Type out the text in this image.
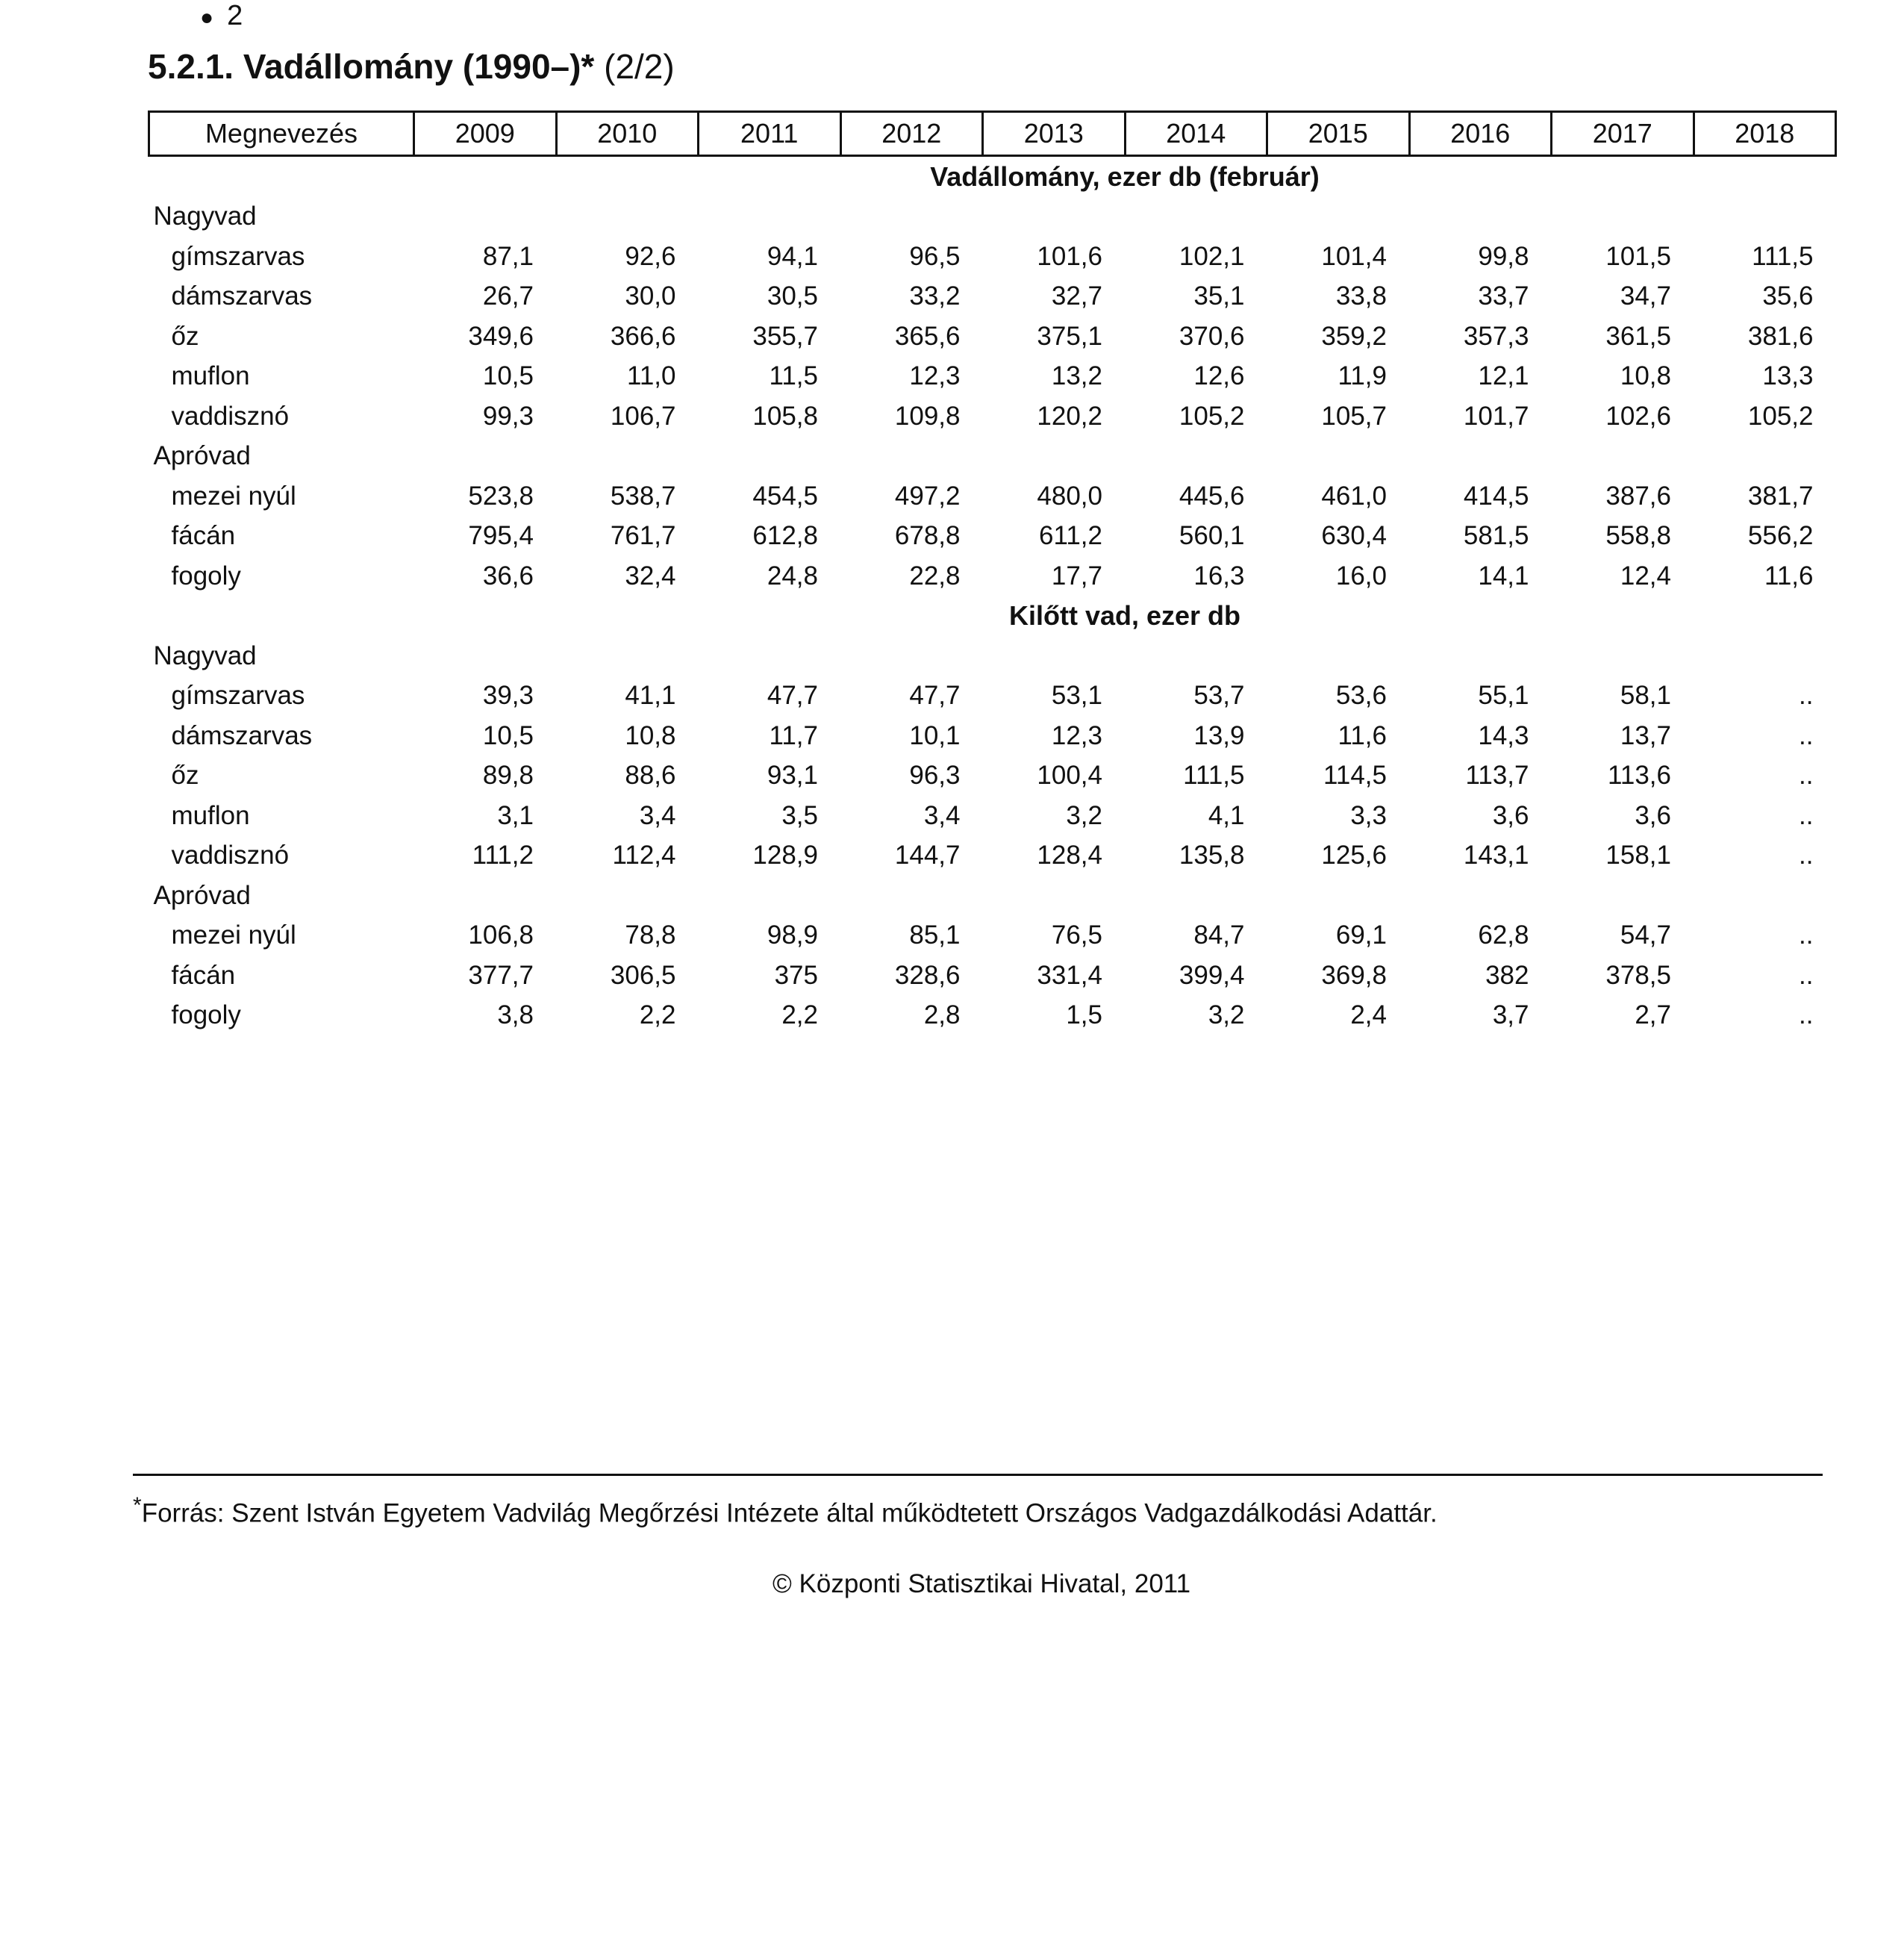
● 2
5.2.1. Vadállomány (1990–)* (2/2)
Megnevezés	2009	2010	2011	2012	2013	2014	2015	2016	2017	2018
	Vadállomány, ezer db (február)									
Nagyvad										
gímszarvas	87,1	92,6	94,1	96,5	101,6	102,1	101,4	99,8	101,5	111,5
dámszarvas	26,7	30,0	30,5	33,2	32,7	35,1	33,8	33,7	34,7	35,6
őz	349,6	366,6	355,7	365,6	375,1	370,6	359,2	357,3	361,5	381,6
muflon	10,5	11,0	11,5	12,3	13,2	12,6	11,9	12,1	10,8	13,3
vaddisznó	99,3	106,7	105,8	109,8	120,2	105,2	105,7	101,7	102,6	105,2
Apróvad										
mezei nyúl	523,8	538,7	454,5	497,2	480,0	445,6	461,0	414,5	387,6	381,7
fácán	795,4	761,7	612,8	678,8	611,2	560,1	630,4	581,5	558,8	556,2
fogoly	36,6	32,4	24,8	22,8	17,7	16,3	16,0	14,1	12,4	11,6
	Kilőtt vad, ezer db									
Nagyvad										
gímszarvas	39,3	41,1	47,7	47,7	53,1	53,7	53,6	55,1	58,1	..
dámszarvas	10,5	10,8	11,7	10,1	12,3	13,9	11,6	14,3	13,7	..
őz	89,8	88,6	93,1	96,3	100,4	111,5	114,5	113,7	113,6	..
muflon	3,1	3,4	3,5	3,4	3,2	4,1	3,3	3,6	3,6	..
vaddisznó	111,2	112,4	128,9	144,7	128,4	135,8	125,6	143,1	158,1	..
Apróvad										
mezei nyúl	106,8	78,8	98,9	85,1	76,5	84,7	69,1	62,8	54,7	..
fácán	377,7	306,5	375	328,6	331,4	399,4	369,8	382	378,5	..
fogoly	3,8	2,2	2,2	2,8	1,5	3,2	2,4	3,7	2,7	..
*Forrás: Szent István Egyetem Vadvilág Megőrzési Intézete által működtetett Országos Vadgazdálkodási Adattár.
© Központi Statisztikai Hivatal, 2011
